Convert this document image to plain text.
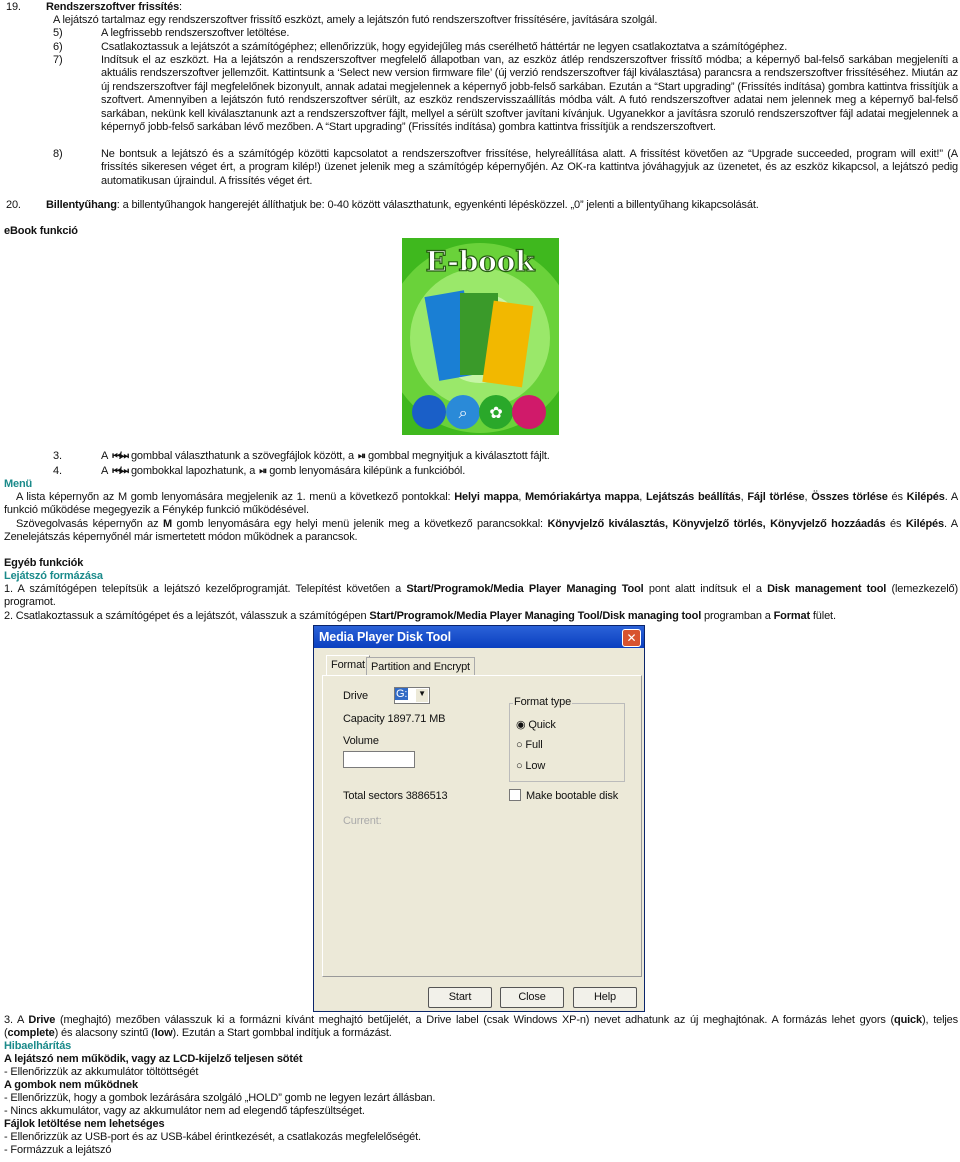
19. Rendszerszoftver frissítés:
A lejátszó tartalmaz egy rendszerszoftver frissítő eszközt, amely a lejátszón futó rendszerszoftver frissítésére, javítására szolgál.
5)	A legfrissebb rendszerszoftver letöltése.
6)	Csatlakoztassuk a lejátszót a számítógéphez; ellenőrizzük, hogy egyidejűleg más cserélhető háttértár ne legyen csatlakoztatva a számítógéphez.
7)	Indítsuk el az eszközt. Ha a lejátszón a rendszerszoftver megfelelő állapotban van, az eszköz átlép rendszerszoftver frissítő módba; a képernyő bal-felső sarkában megjeleníti a aktuális rendszerszoftver jellemzőit. Kattintsunk a ‘Select new version firmware file’ (új verzió rendszerszoftver fájl kiválasztása) parancsra a rendszerszoftver frissítéséhez. Miután az új rendszerszoftver fájl megfelelőnek bizonyult, annak adatai megjelennek a képernyő jobb-felső sarkában. Ezután a “Start upgrading” (Frissítés indítása) gombra kattintva frissítjük a szoftvert. Amennyiben a lejátszón futó rendszerszoftver sérült, az eszköz rendszervisszaállítás módba vált. A futó rendszerszoftver adatai nem jelennek meg a képernyő bal-felső sarkában, nekünk kell kiválasztanunk azt a rendszerszoftver fájlt, mellyel a sérült szoftver javítani kívánjuk. Ugyanekkor a javításra szoruló rendszerszoftver fájl adatai megjelennek a képernyő jobb-felső sarkában lévő mezőben. A “Start upgrading” (Frissítés indítása) gombra kattintva frissítjük a rendszerszoftvert.
8)	Ne bontsuk a lejátszó és a számítógép közötti kapcsolatot a rendszerszoftver frissítése, helyreállítása alatt. A frissítést követően az “Upgrade succeeded, program will exit!” (A frissítés sikeresen véget ért, a program kilép!) üzenet jelenik meg a számítógép képernyőjén. Az OK-ra kattintva jóváhagyjuk az üzenetet, és az eszköz kikapcsol, a lejátszó pedig automatikusan újraindul. A frissítés véget ért.
20. Billentyűhang: a billentyűhangok hangerejét állíthatjuk be: 0-40 között választhatunk, egyenkénti lépésközzel. „0” jelenti a billentyűhang kikapcsolását.
eBook funkció
E-book
⌕ ✿
3.	A ⏮/⏭ gombbal választhatunk a szövegfájlok között, a ⏯ gombbal megnyitjuk a kiválasztott fájlt.
4.	A ⏮/⏭ gombokkal lapozhatunk, a ⏯ gomb lenyomására kilépünk a funkcióból.
Menü
A lista képernyőn az M gomb lenyomására megjelenik az 1. menü a következő pontokkal: Helyi mappa, Memóriakártya mappa, Lejátszás beállítás, Fájl törlése, Összes törlése és Kilépés. A funkció működése megegyezik a Fénykép funkció működésével.
Szövegolvasás képernyőn az M gomb lenyomására egy helyi menü jelenik meg a következő parancsokkal: Könyvjelző kiválasztás, Könyvjelző törlés, Könyvjelző hozzáadás és Kilépés. A Zenelejátszás képernyőnél már ismertetett módon működnek a parancsok.
Egyéb funkciók
Lejátszó formázása
1. A számítógépen telepítsük a lejátszó kezelőprogramját. Telepítést követően a Start/Programok/Media Player Managing Tool pont alatt indítsuk el a Disk management tool (lemezkezelő) programot.
2. Csatlakoztassuk a számítógépet és a lejátszót, válasszuk a számítógépen Start/Programok/Media Player Managing Tool/Disk managing tool programban a Format fület.
Media Player Disk Tool	✕
Format Partition and Encrypt
Drive	G: ▼
Capacity 1897.71 MB
Volume
Total sectors 3886513
Current:
Format type
◉ Quick
○ Full
○ Low
Make bootable disk
Start	Close	Help
3. A Drive (meghajtó) mezőben válasszuk ki a formázni kívánt meghajtó betűjelét, a Drive label (csak Windows XP-n) nevet adhatunk az új meghajtónak. A formázás lehet gyors (quick), teljes (complete) és alacsony szintű (low). Ezután a Start gombbal indítjuk a formázást.
Hibaelhárítás
A lejátszó nem működik, vagy az LCD-kijelző teljesen sötét
- Ellenőrizzük az akkumulátor töltöttségét
A gombok nem működnek
- Ellenőrizzük, hogy a gombok lezárására szolgáló „HOLD” gomb ne legyen lezárt állásban.
- Nincs akkumulátor, vagy az akkumulátor nem ad elegendő tápfeszültséget.
Fájlok letöltése nem lehetséges
- Ellenőrizzük az USB-port és az USB-kábel érintkezését, a csatlakozás megfelelőségét.
- Formázzuk a lejátszó
